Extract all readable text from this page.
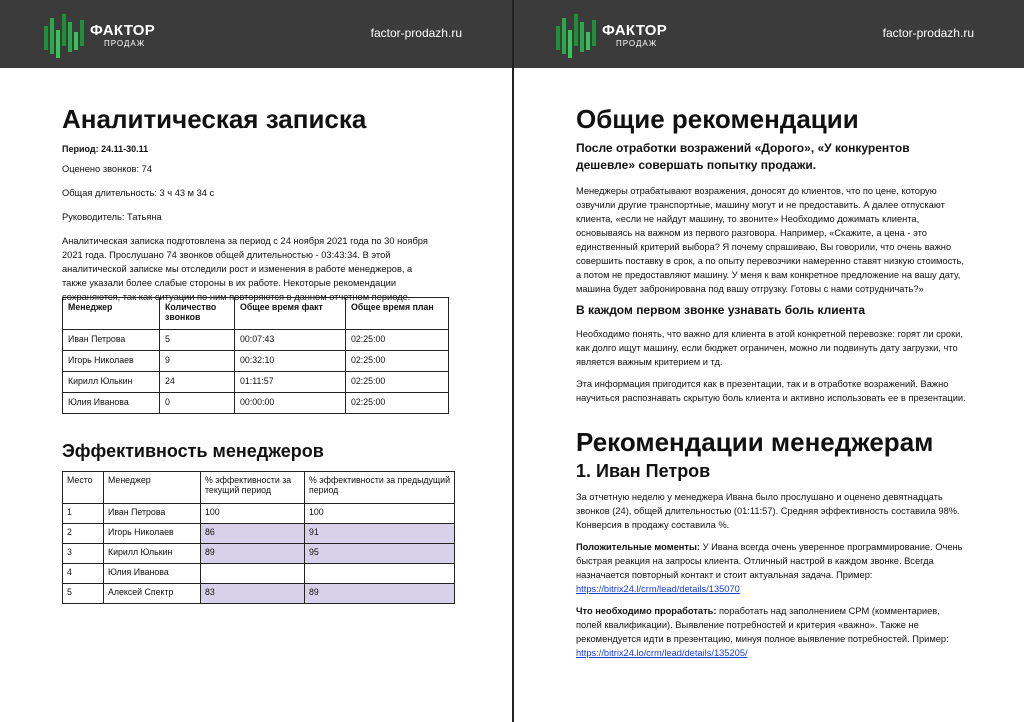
ФАКТОР
ПРОДАЖ
factor-prodazh.ru
Аналитическая записка

Период: 24.11-30.11

Оценено звонков: 74

Общая длительность: 3 ч 43 м 34 с

Руководитель: Татьяна

Аналитическая записка подготовлена за период с 24 ноября 2021 года по 30 ноября 2021 года. Прослушано 74 звонков общей длительностью - 03:43:34. В этой аналитической записке мы отследили рост и изменения в работе менеджеров, а также указали более слабые стороны в их работе. Некоторые рекомендации сохраняются, так как ситуации по ним повторяются в данном отчетном периоде.

Менеджер	Количество звонков	Общее время факт	Общее время план
Иван Петрова	5	00:07:43	02:25:00
Игорь Николаев	9	00:32:10	02:25:00
Кирилл Юлькин	24	01:11:57	02:25:00
Юлия Иванова	0	00:00:00	02:25:00
Эффективность менеджеров
Место	Менеджер	% эффективности за текущий период	% эффективности за предыдущий период
1	Иван Петрова	100	100
2	Игорь Николаев	86	91
3	Кирилл Юлькин	89	95
4	Юлия Иванова		
5	Алексей Спектр	83	89
ФАКТОР
ПРОДАЖ
factor-prodazh.ru
Общие рекомендации

После отработки возражений «Дорого», «У конкурентов дешевле» совершать попытку продажи.

Менеджеры отрабатывают возражения, доносят до клиентов, что по цене, которую озвучили другие транспортные, машину могут и не предоставить. А далее отпускают клиента, «если не найдут машину, то звоните» Необходимо дожимать клиента, основываясь на важном из первого разговора. Например, «Скажите, а цена - это единственный критерий выбора? Я почему спрашиваю, Вы говорили, что очень важно совершить поставку в срок, а по опыту перевозчики намеренно ставят низкую стоимость, а потом не предоставляют машину. У меня к вам конкретное предложение на вашу дату, машина будет забронирована под вашу отгрузку. Готовы с нами сотрудничать?»

В каждом первом звонке узнавать боль клиента

Необходимо понять, что важно для клиента в этой конкретной перевозке: горят ли сроки, как долго ищут машину, если бюджет ограничен, можно ли подвинуть дату загрузки, что является важным критерием и тд.

Эта информация пригодится как в презентации, так и в отработке возражений. Важно научиться распознавать скрытую боль клиента и активно использовать ее в презентации.

Рекомендации менеджерам
1. Иван Петров

За отчетную неделю у менеджера Ивана было прослушано и оценено девятнадцать звонков (24), общей длительностью (01:11:57). Средняя эффективность составила 98%. Конверсия в продажу составила %.

Положительные моменты: У Ивана всегда очень уверенное программирование. Очень быстрая реакция на запросы клиента. Отличный настрой в каждом звонке. Всегда назначается повторный контакт и стоит актуальная задача. Пример: https://bitrix24.l/crm/lead/details/135070

Что необходимо проработать: поработать над заполнением CPM (комментариев, полей квалификации). Выявление потребностей и критерия «важно». Также не рекомендуется идти в презентацию, минуя полное выявление потребностей. Пример: https://bitrix24.lo/crm/lead/details/135205/
